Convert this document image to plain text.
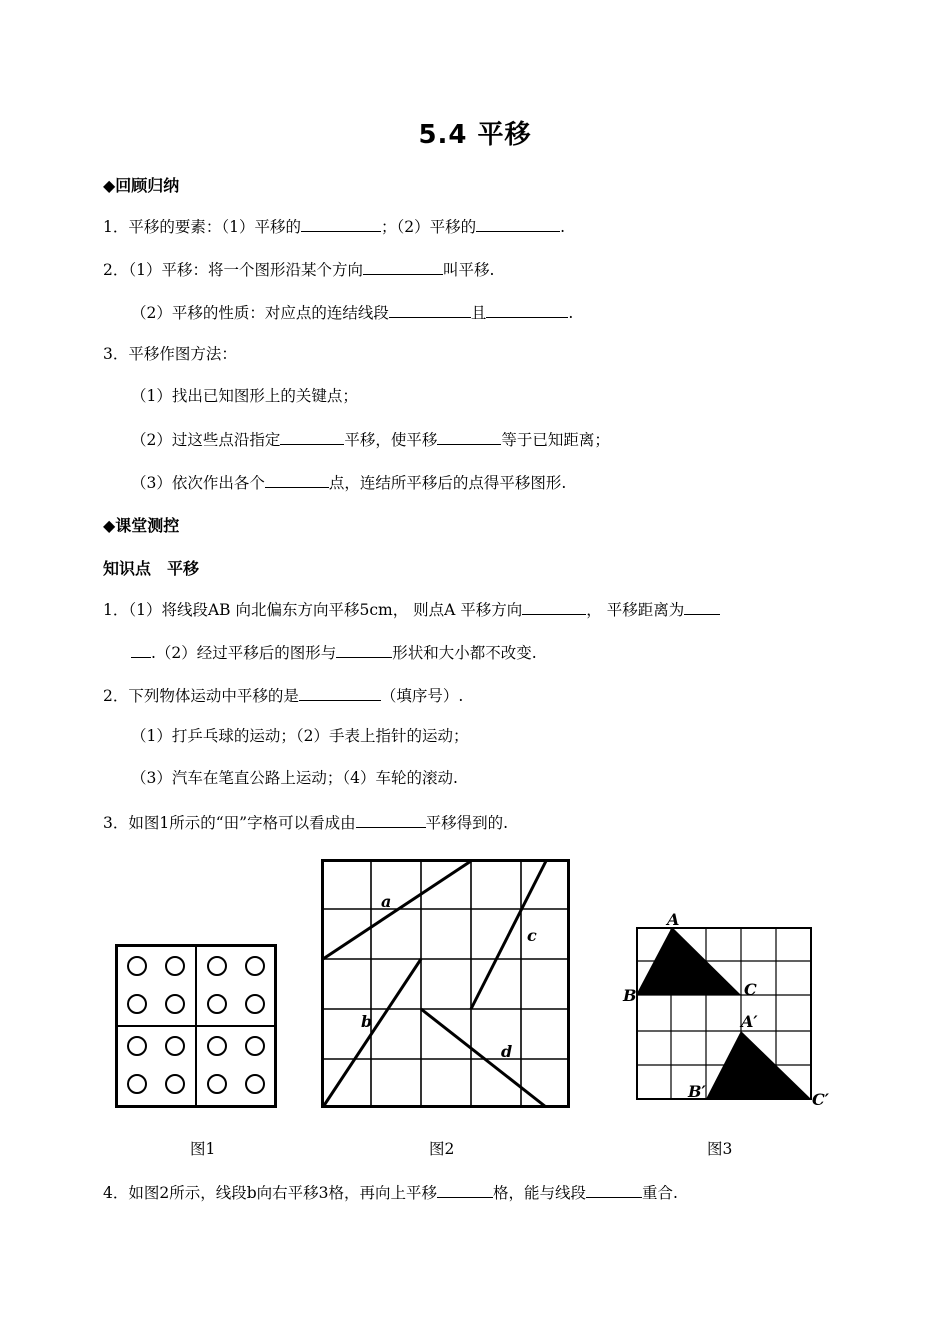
5.4 平移
◆回顾归纳
1．平移的要素：（1）平移的	；（2）平移的	.
2．（1）平移：将一个图形沿某个方向	叫平移.
（2）平移的性质：对应点的连结线段	且	.
3．平移作图方法：
（1）找出已知图形上的关键点；
（2）过这些点沿指定	平移，使平移	等于已知距离；
（3）依次作出各个	点，连结所平移后的点得平移图形.
◆课堂测控
知识点　平移
1．（1）将线段AB 向北偏东方向平移5cm， 则点A 平移方向	， 平移距离为
.（2）经过平移后的图形与	形状和大小都不改变.
2．下列物体运动中平移的是	（填序号）.
（1）打乒乓球的运动；（2）手表上指针的运动；
（3）汽车在笔直公路上运动；（4）车轮的滚动.
3．如图1所示的“田”字格可以看成由	平移得到的.
图1
a
c
b
d
图2
A
B	C
A′
B′	C′
图3
4．如图2所示，线段b向右平移3格，再向上平移	格，能与线段	重合.
